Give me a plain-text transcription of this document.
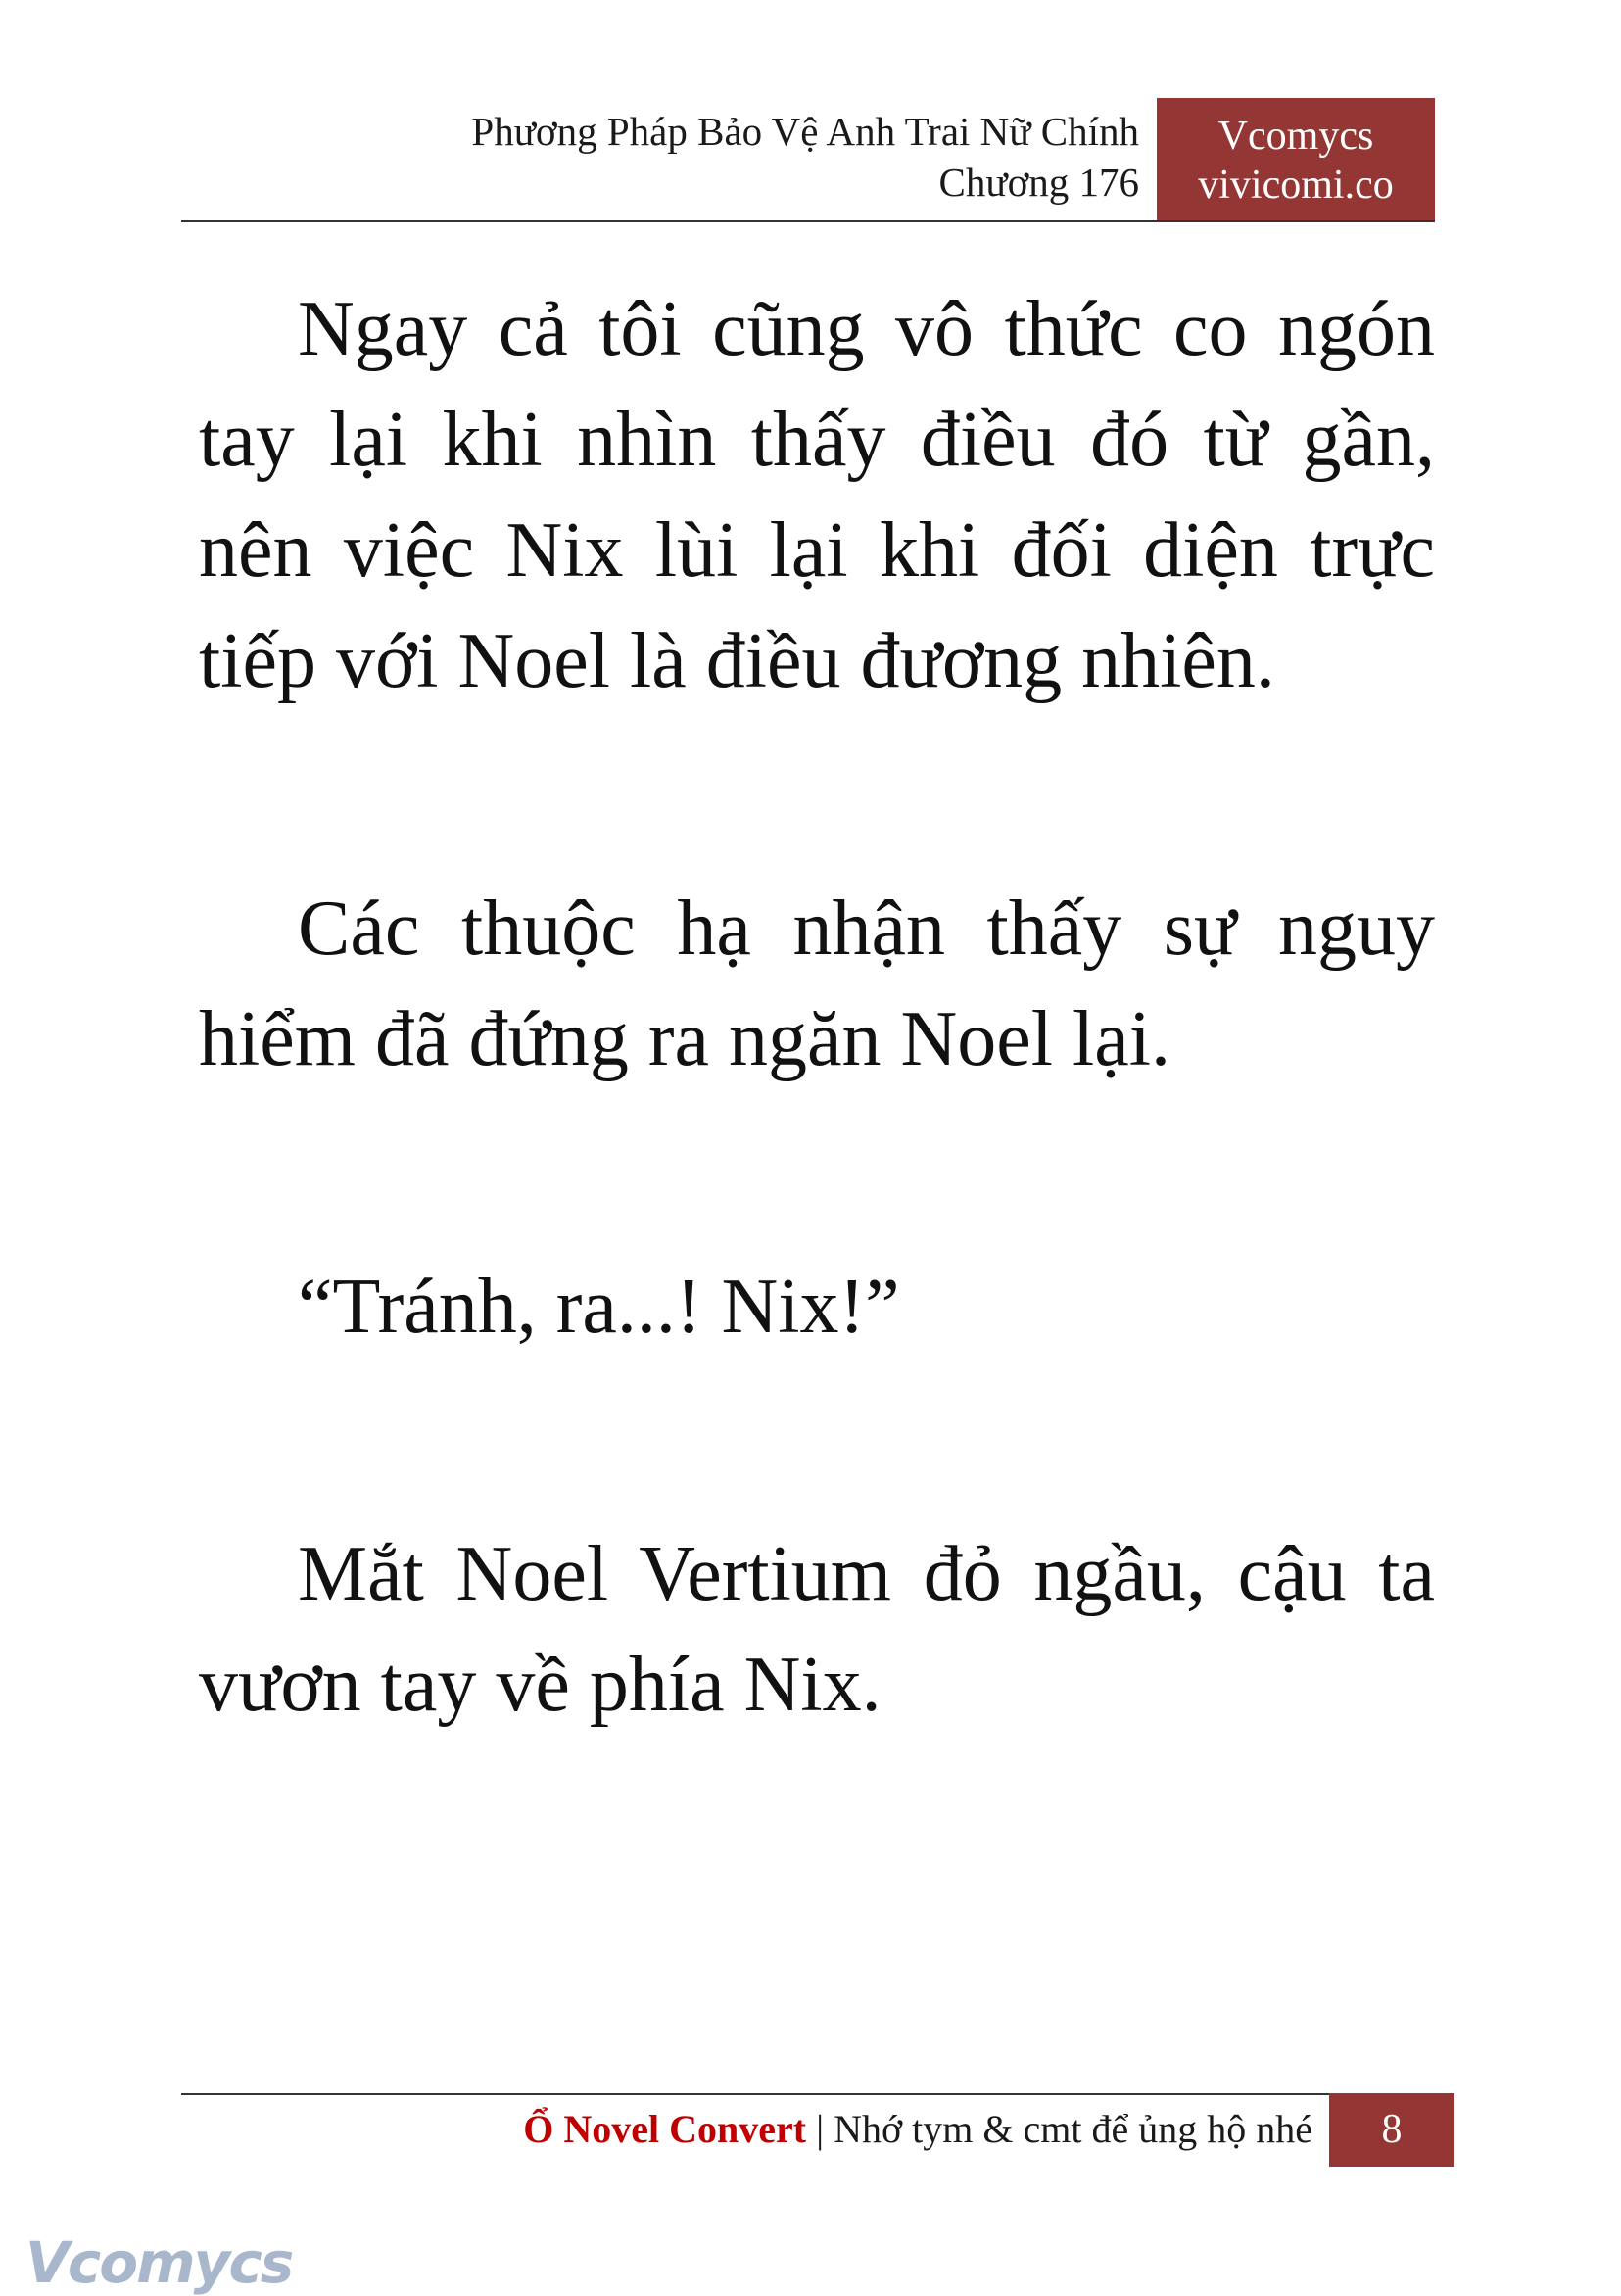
Phương Pháp Bảo Vệ Anh Trai Nữ Chính
Chương 176
Vcomycs
vivicomi.co

Ngay cả tôi cũng vô thức co ngón tay lại khi nhìn thấy điều đó từ gần, nên việc Nix lùi lại khi đối diện trực tiếp với Noel là điều đương nhiên.

Các thuộc hạ nhận thấy sự nguy hiểm đã đứng ra ngăn Noel lại.

“Tránh, ra...! Nix!”

Mắt Noel Vertium đỏ ngầu, cậu ta vươn tay về phía Nix.

Ổ Novel Convert | Nhớ tym & cmt để ủng hộ nhé	8
Vcomycs
